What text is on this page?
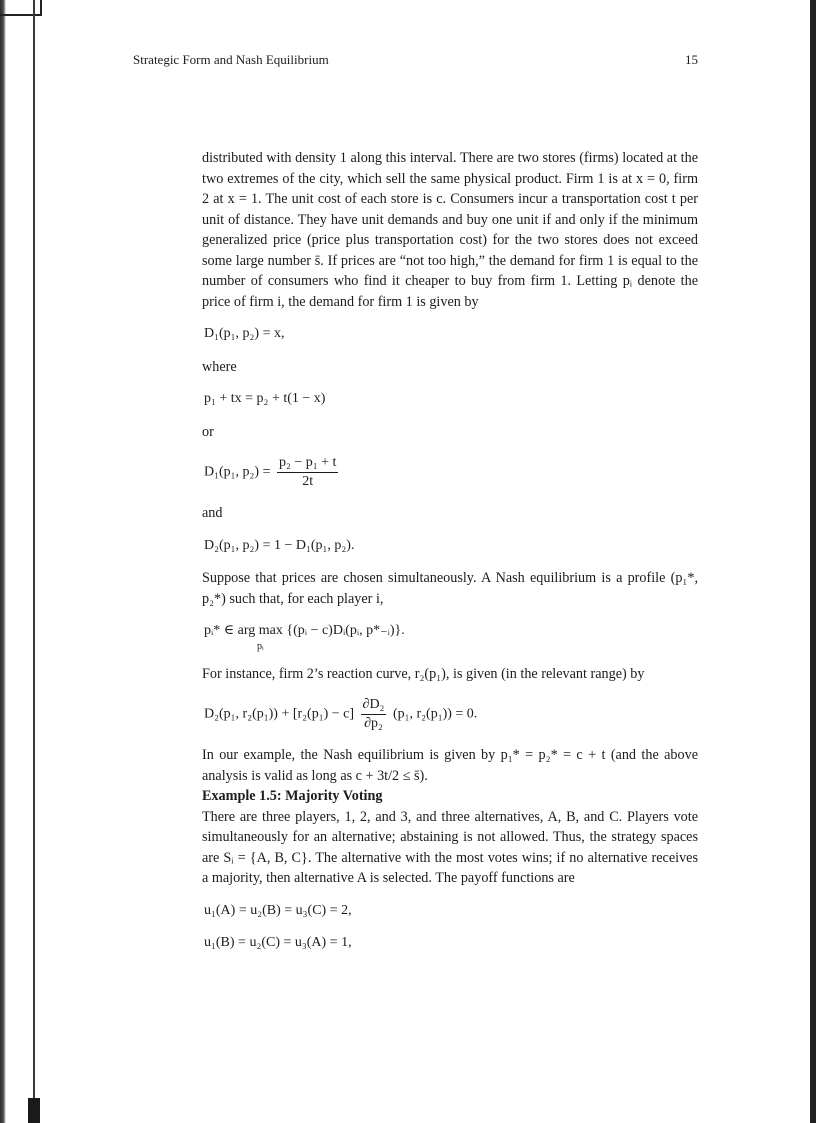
Strategic Form and Nash Equilibrium	15

distributed with density 1 along this interval. There are two stores (firms) located at the two extremes of the city, which sell the same physical product. Firm 1 is at x = 0, firm 2 at x = 1. The unit cost of each store is c. Consumers incur a transportation cost t per unit of distance. They have unit demands and buy one unit if and only if the minimum generalized price (price plus transportation cost) for the two stores does not exceed some large number s̄. If prices are “not too high,” the demand for firm 1 is equal to the number of consumers who find it cheaper to buy from firm 1. Letting pᵢ denote the price of firm i, the demand for firm 1 is given by

D₁(p₁, p₂) = x,

where

p₁ + tx = p₂ + t(1 − x)

or

D₁(p₁, $p_2) = \frac{\text{p₂ − p₁ + t}}{2t}$

and

D₂(p₁, p₂) = 1 − D₁(p₁, p₂).

Suppose that prices are chosen simultaneously. A Nash equilibrium is a profile (p₁*, p₂*) such that, for each player i,

pᵢ* ∈ arg max
pᵢ
{(pᵢ − c)Dᵢ(pᵢ, p*₋ᵢ)}.

For instance, firm 2’s reaction curve, r₂(p₁), is given (in the relevant range) by

D₂(p₁, $r_2(p_1)) + [r_2(p_1) - c] \frac{\text{∂D₂}}{\text{∂p₂}} (p_1$, r₂(p₁)) = 0.

In our example, the Nash equilibrium is given by p₁* = p₂* = c + t (and the above analysis is valid as long as c + 3t/2 ≤ s̄).

Example 1.5: Majority Voting

There are three players, 1, 2, and 3, and three alternatives, A, B, and C. Players vote simultaneously for an alternative; abstaining is not allowed. Thus, the strategy spaces are Sᵢ = {A, B, C}. The alternative with the most votes wins; if no alternative receives a majority, then alternative A is selected. The payoff functions are

u₁(A) = u₂(B) = u₃(C) = 2,
u₁(B) = u₂(C) = u₃(A) = 1,
